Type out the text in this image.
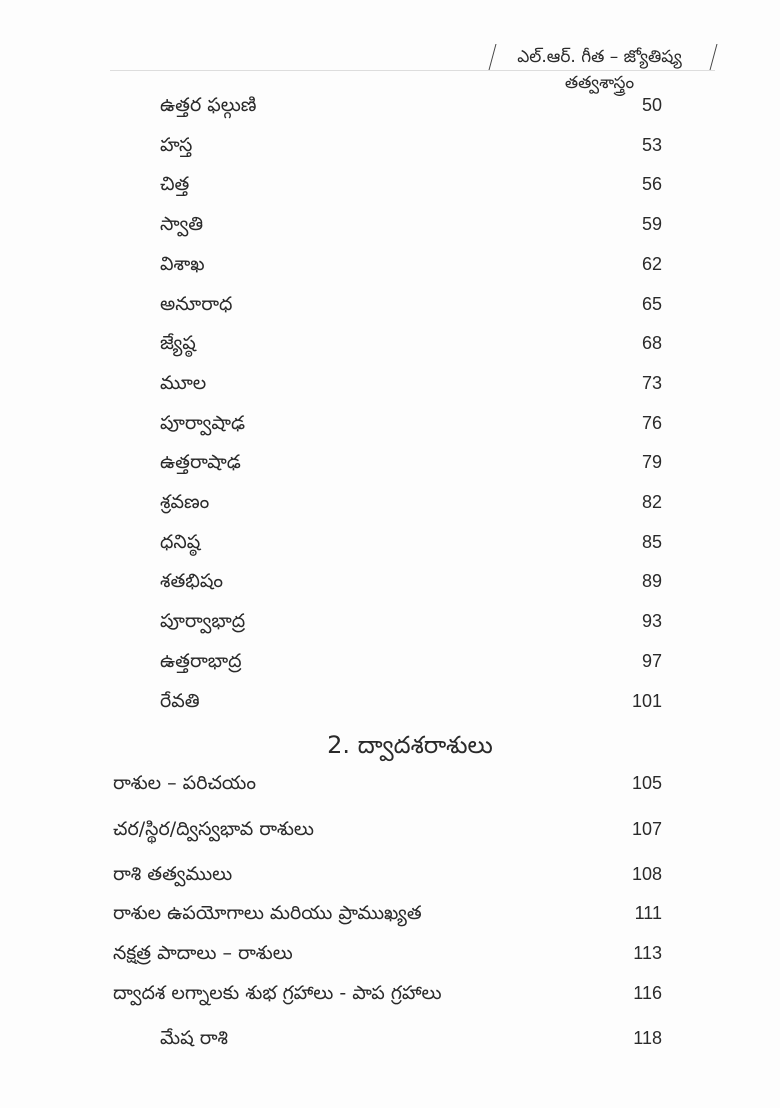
ఎల్.ఆర్. గీత – జ్యోతిష్య తత్వశాస్త్రం
ఉత్తర ఫల్గుణి	50
హస్త	53
చిత్త	56
స్వాతి	59
విశాఖ	62
అనూరాధ	65
జ్యేష్ఠ	68
మూల	73
పూర్వాషాఢ	76
ఉత్తరాషాఢ	79
శ్రవణం	82
ధనిష్ఠ	85
శతభిషం	89
పూర్వాభాద్ర	93
ఉత్తరాభాద్ర	97
రేవతి	101
రాశుల – పరిచయం	105
చర/స్థిర/ద్విస్వభావ రాశులు	107
రాశి తత్వములు	108
రాశుల ఉపయోగాలు మరియు ప్రాముఖ్యత	111
నక్షత్ర పాదాలు – రాశులు	113
ద్వాదశ లగ్నాలకు శుభ గ్రహాలు - పాప గ్రహాలు	116
మేష రాశి	118
2. ద్వాదశరాశులు
